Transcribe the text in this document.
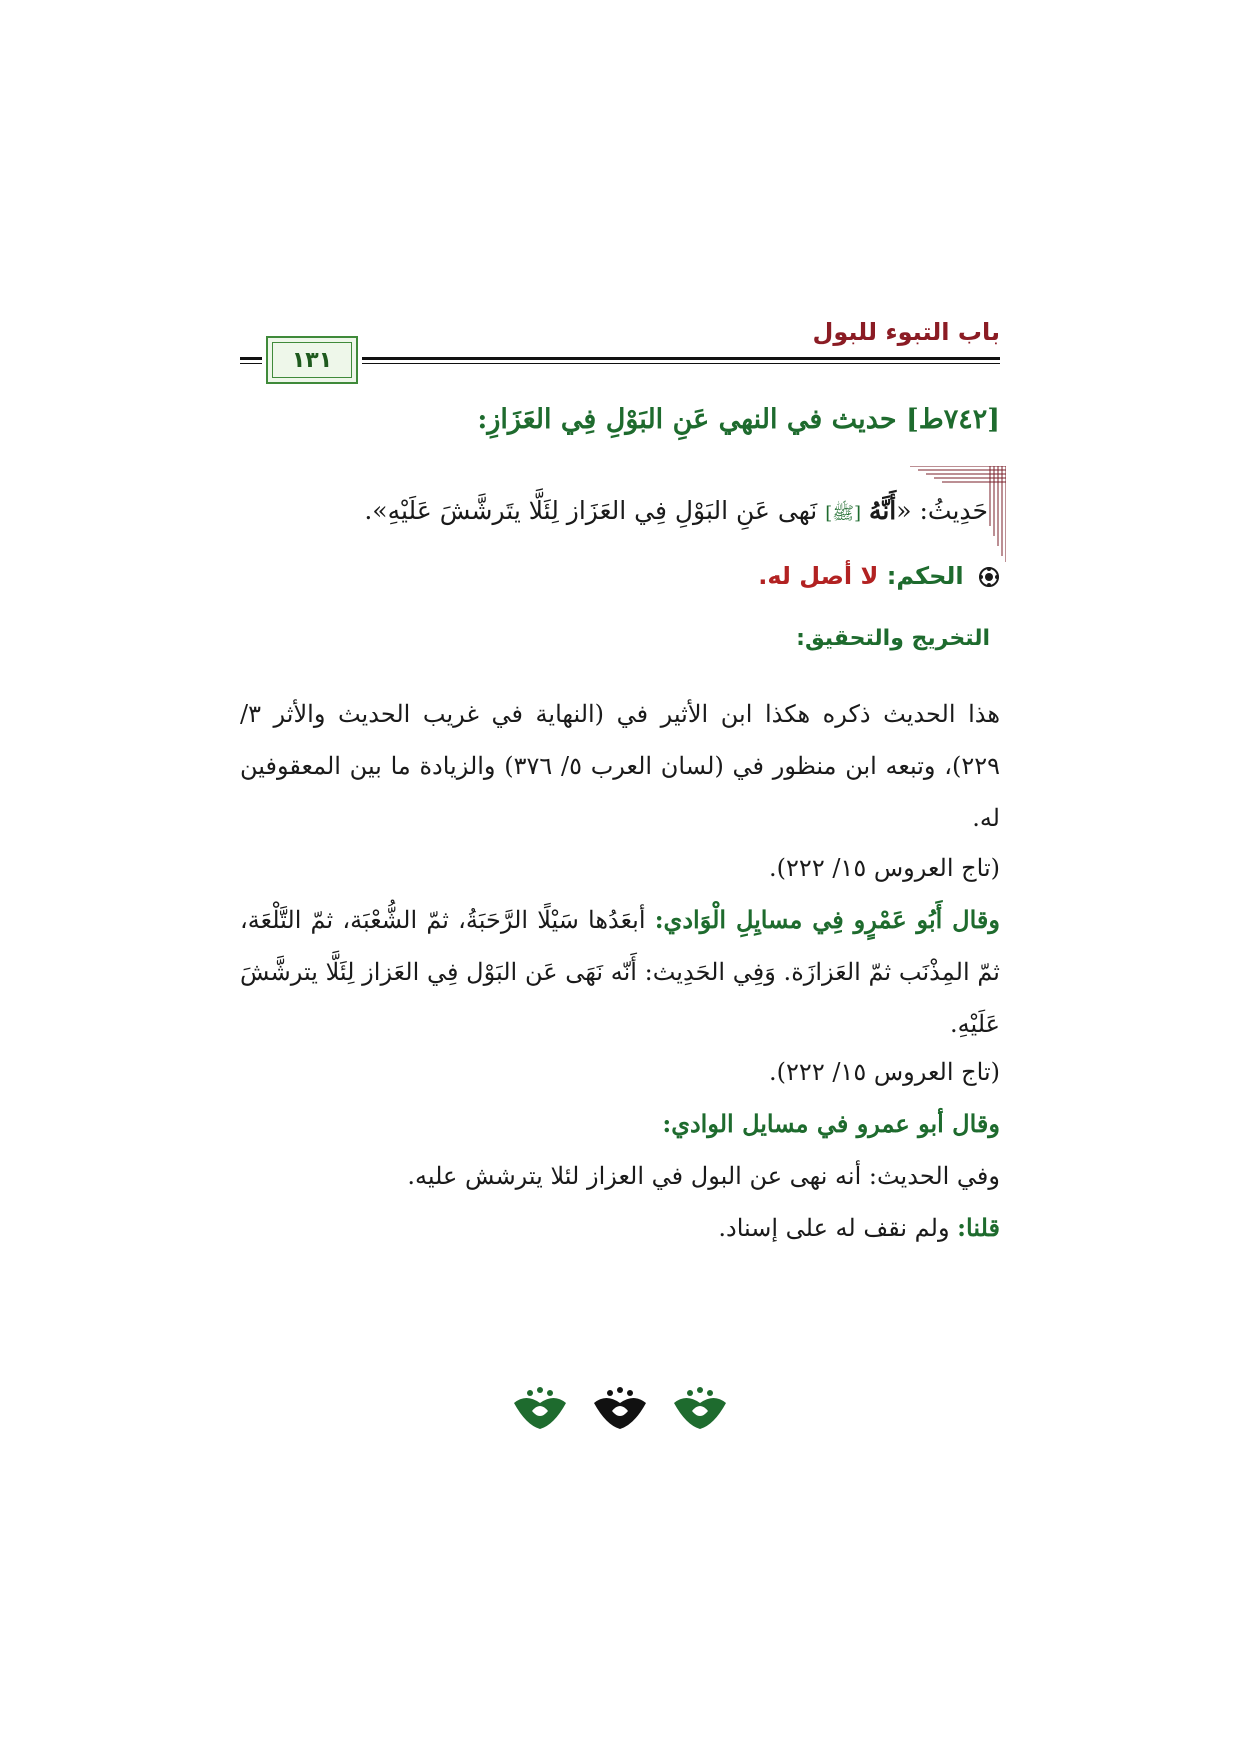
باب التبوء للبول
١٣١
[٧٤٢ط] حديث في النهي عَنِ البَوْلِ فِي العَزَازِ:
حَدِيثُ: «أَنَّهُ [ﷺ] نَهى عَنِ البَوْلِ فِي العَزَاز لِئَلَّا يتَرشَّشَ عَلَيْهِ».
الحكم: لا أصل له.
التخريج والتحقيق:
هذا الحديث ذكره هكذا ابن الأثير في (النهاية في غريب الحديث والأثر ٣/ ٢٢٩)، وتبعه ابن منظور في (لسان العرب ٥/ ٣٧٦) والزيادة ما بين المعقوفين له.
(تاج العروس ١٥/ ٢٢٢).
وقال أَبُو عَمْرٍو فِي مسايِلِ الْوَادي: أبعَدُها سَيْلًا الرَّحَبَةُ، ثمّ الشُّعْبَة، ثمّ التَّلْعَة، ثمّ المِذْنَب ثمّ العَزازَة. وَفِي الحَدِيث: أَنّه نَهَى عَن البَوْل فِي العَزاز لِئَلَّا يترشَّشَ عَلَيْهِ.
(تاج العروس ١٥/ ٢٢٢).
وقال أبو عمرو في مسايل الوادي:
وفي الحديث: أنه نهى عن البول في العزاز لئلا يترشش عليه.
قلنا: ولم نقف له على إسناد.
